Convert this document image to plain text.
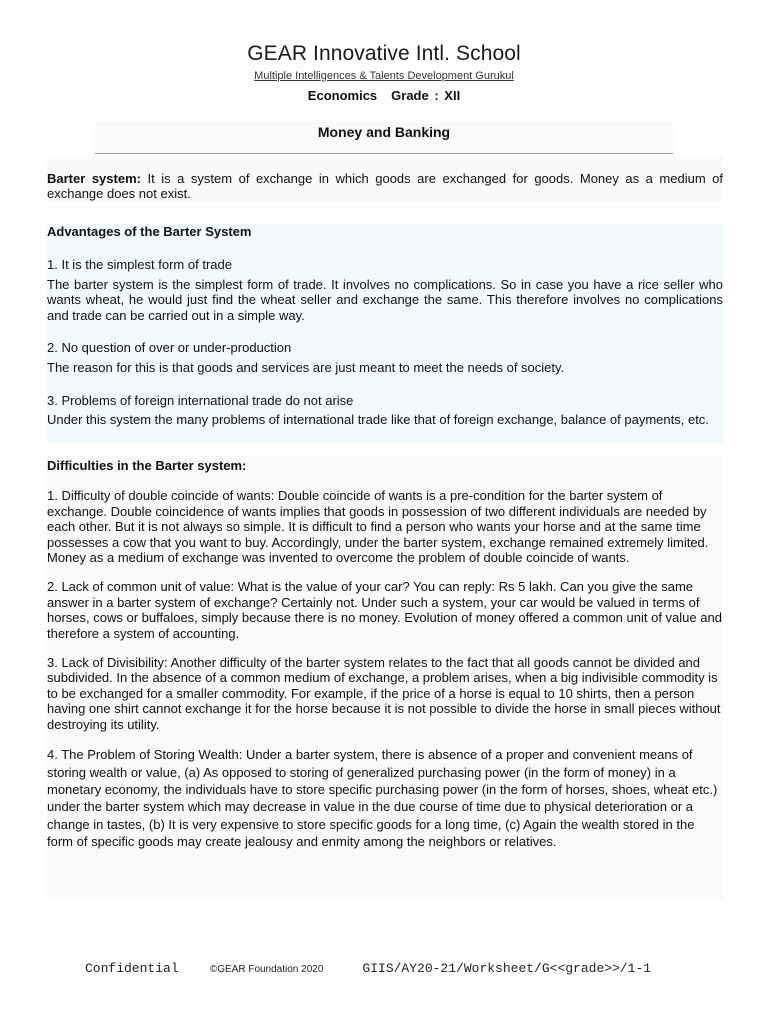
GEAR Innovative Intl. School
Multiple Intelligences & Talents Development Gurukul
Economics Grade : XII
Money and Banking

Barter system: It is a system of exchange in which goods are exchanged for goods. Money as a medium of exchange does not exist.

Advantages of the Barter System

1. It is the simplest form of trade

The barter system is the simplest form of trade. It involves no complications. So in case you have a rice seller who wants wheat, he would just find the wheat seller and exchange the same. This therefore involves no complications and trade can be carried out in a simple way.

2. No question of over or under-production

The reason for this is that goods and services are just meant to meet the needs of society.

3. Problems of foreign international trade do not arise

Under this system the many problems of international trade like that of foreign exchange, balance of payments, etc.

Difficulties in the Barter system:

1. Difficulty of double coincide of wants: Double coincide of wants is a pre-condition for the barter system of exchange. Double coincidence of wants implies that goods in possession of two different individuals are needed by each other. But it is not always so simple. It is difficult to find a person who wants your horse and at the same time possesses a cow that you want to buy. Accordingly, under the barter system, exchange remained extremely limited. Money as a medium of exchange was invented to overcome the problem of double coincide of wants.

2. Lack of common unit of value: What is the value of your car? You can reply: Rs 5 lakh. Can you give the same answer in a barter system of exchange? Certainly not. Under such a system, your car would be valued in terms of horses, cows or buffaloes, simply because there is no money. Evolution of money offered a common unit of value and therefore a system of accounting.

3. Lack of Divisibility: Another difficulty of the barter system relates to the fact that all goods cannot be divided and subdivided. In the absence of a common medium of exchange, a problem arises, when a big indivisible commodity is to be exchanged for a smaller commodity. For example, if the price of a horse is equal to 10 shirts, then a person having one shirt cannot exchange it for the horse because it is not possible to divide the horse in small pieces without destroying its utility.

4. The Problem of Storing Wealth: Under a barter system, there is absence of a proper and convenient means of storing wealth or value, (a) As opposed to storing of generalized purchasing power (in the form of money) in a monetary economy, the individuals have to store specific purchasing power (in the form of horses, shoes, wheat etc.) under the barter system which may decrease in value in the due course of time due to physical deterioration or a change in tastes, (b) It is very expensive to store specific goods for a long time, (c) Again the wealth stored in the form of specific goods may create jealousy and enmity among the neighbors or relatives.

Confidential	©GEAR Foundation 2020	GIIS/AY20-21/Worksheet/G<<grade>>/1-1
